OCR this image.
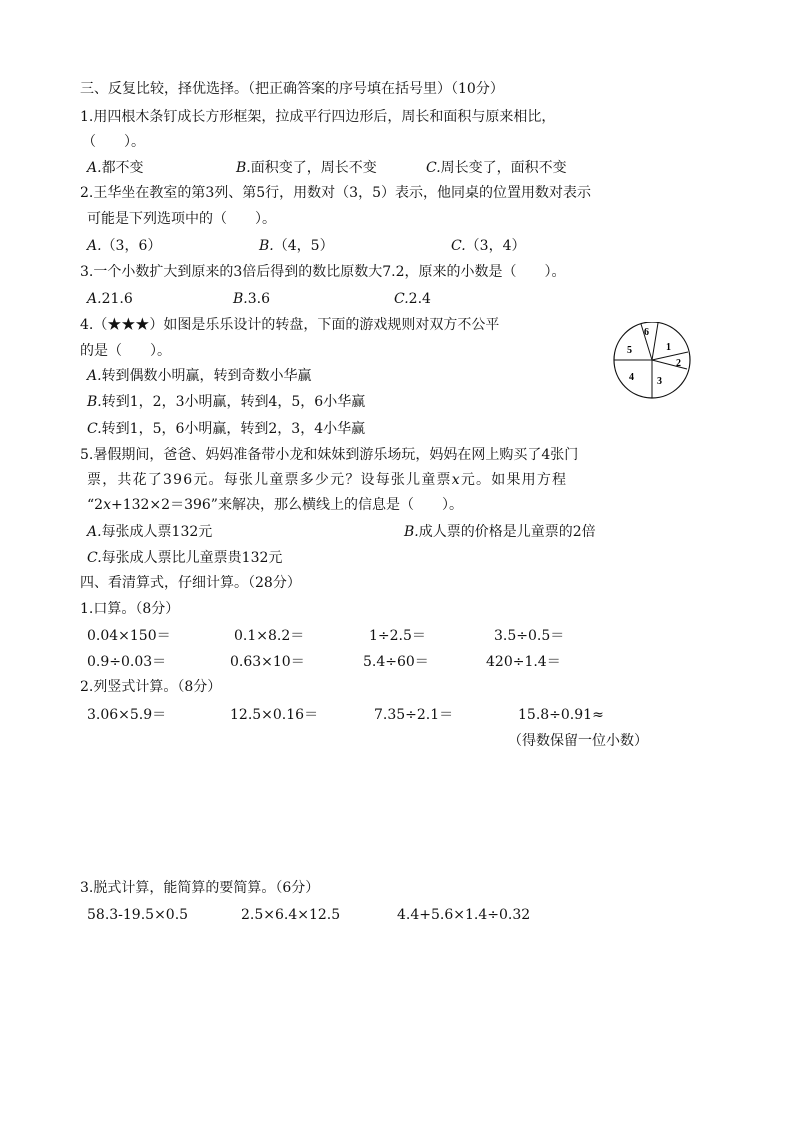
三、反复比较，择优选择。（把正确答案的序号填在括号里）（10分）
1.用四根木条钉成长方形框架，拉成平行四边形后，周长和面积与原来相比，
（　　）。
A.都不变	B.面积变了，周长不变	C.周长变了，面积不变
2.王华坐在教室的第3列、第5行，用数对（3，5）表示，他同桌的位置用数对表示
可能是下列选项中的（　　）。
A.（3，6）	B.（4，5）	C.（3，4）
3.一个小数扩大到原来的3倍后得到的数比原数大7.2，原来的小数是（　　）。
A.21.6	B.3.6	C.2.4
4.（★★★）如图是乐乐设计的转盘，下面的游戏规则对双方不公平
的是（　　）。
A.转到偶数小明赢，转到奇数小华赢
B.转到1，2，3小明赢，转到4，5，6小华赢
C.转到1，5，6小明赢，转到2，3，4小华赢
6
1
2
3
4
5
5.暑假期间，爸爸、妈妈准备带小龙和妹妹到游乐场玩，妈妈在网上购买了4张门
票，共花了396元。每张儿童票多少元？设每张儿童票x元。如果用方程
“2x+132×2＝396”来解决，那么横线上的信息是（　　）。
A.每张成人票132元	B.成人票的价格是儿童票的2倍
C.每张成人票比儿童票贵132元
四、看清算式，仔细计算。（28分）
1.口算。（8分）
0.04×150＝	0.1×8.2＝	1÷2.5＝	3.5÷0.5＝
0.9÷0.03＝	0.63×10＝	5.4÷60＝	420÷1.4＝
2.列竖式计算。（8分）
3.06×5.9＝	12.5×0.16＝	7.35÷2.1＝	15.8÷0.91≈
（得数保留一位小数）
3.脱式计算，能简算的要简算。（6分）
58.3-19.5×0.5	2.5×6.4×12.5	4.4+5.6×1.4÷0.32
